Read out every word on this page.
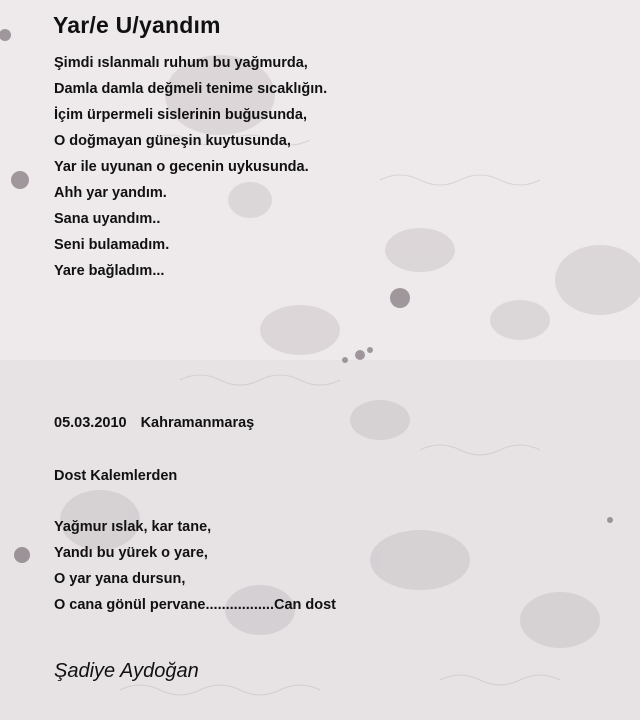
Yar/e U/yandım

Şimdi ıslanmalı ruhum bu yağmurda,

Damla damla değmeli tenime sıcaklığın.

İçim ürpermeli sislerinin buğusunda,

O doğmayan güneşin kuytusunda,

Yar ile uyunan o gecenin uykusunda.

Ahh yar yandım.

Sana uyandım..

Seni bulamadım.

Yare bağladım...

05.03.2010 Kahramanmaraş

Dost Kalemlerden

Yağmur ıslak, kar tane,

Yandı bu yürek o yare,

O yar yana dursun,

O cana gönül pervane.................Can dost

Şadiye Aydoğan
